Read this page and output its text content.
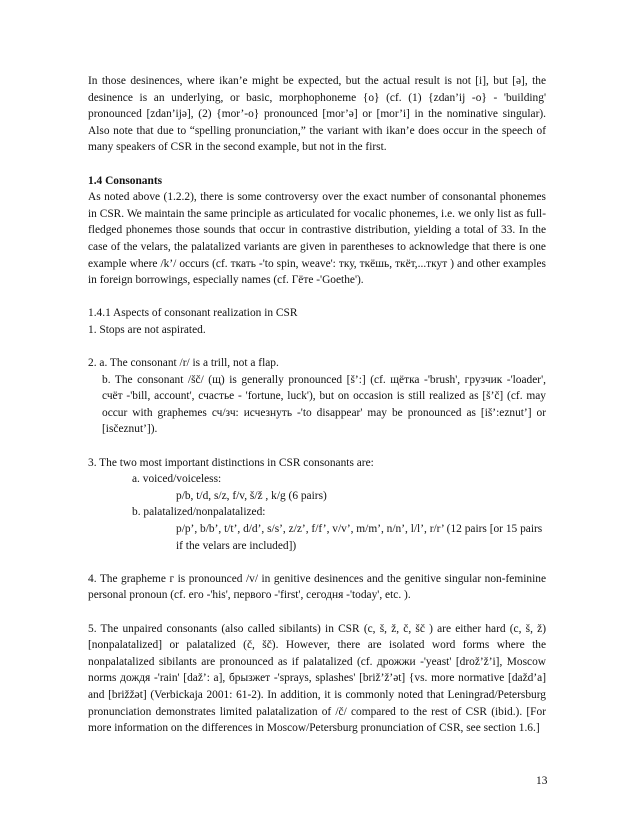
In those desinences, where ikan’e might be expected, but the actual result is not [i], but [ə], the desinence is an underlying, or basic, morphophoneme {o} (cf. (1) {zdan’ij -o} - 'building' pronounced [zdan’ijə], (2) {mor’-o} pronounced [mor’ə] or [mor’i] in the nominative singular). Also note that due to “spelling pronunciation,” the variant with ikan’e does occur in the speech of many speakers of CSR in the second example, but not in the first.

1.4 Consonants

As noted above (1.2.2), there is some controversy over the exact number of consonantal phonemes in CSR. We maintain the same principle as articulated for vocalic phonemes, i.e. we only list as full-fledged phonemes those sounds that occur in contrastive distribution, yielding a total of 33. In the case of the velars, the palatalized variants are given in parentheses to acknowledge that there is one example where /k’/ occurs (cf. ткать -'to spin, weave': тку, ткёшь, ткёт,...ткут ) and other examples in foreign borrowings, especially names (cf. Гёте -'Goethe').

1.4.1 Aspects of consonant realization in CSR

1. Stops are not aspirated.

2. a. The consonant /r/ is a trill, not a flap.

b. The consonant /šč/ (щ) is generally pronounced [š’:] (cf. щётка -'brush', грузчик -'loader', счёт -'bill, account', счастье - 'fortune, luck'), but on occasion is still realized as [š’č] (cf. may occur with graphemes сч/зч: исчезнуть -'to disappear' may be pronounced as [iš’:eznut’] or [isčeznut’]).

3. The two most important distinctions in CSR consonants are:

a. voiced/voiceless:

p/b, t/d, s/z, f/v, š/ž , k/g (6 pairs)

b. palatalized/nonpalatalized:

p/p’, b/b’, t/t’, d/d’, s/s’, z/z’, f/f’, v/v’, m/m’, n/n’, l/l’, r/r’ (12 pairs [or 15 pairs if the velars are included])

4. The grapheme г is pronounced /v/ in genitive desinences and the genitive singular non-feminine personal pronoun (cf. его -'his', первого -'first', сегодня -'today', etc. ).

5. The unpaired consonants (also called sibilants) in CSR (c, š, ž, č, šč ) are either hard (c, š, ž) [nonpalatalized] or palatalized (č, šč). However, there are isolated word forms where the nonpalatalized sibilants are pronounced as if palatalized (cf. дрожжи -'yeast' [drož’ž’i], Moscow norms дождя -'rain' [daž’: a], брызжет -'sprays, splashes' [briž’ž’ət] {vs. more normative [dažd’a] and [brižžət] (Verbickaja 2001: 61-2). In addition, it is commonly noted that Leningrad/Petersburg pronunciation demonstrates limited palatalization of /č/ compared to the rest of CSR (ibid.). [For more information on the differences in Moscow/Petersburg pronunciation of CSR, see section 1.6.]

13
